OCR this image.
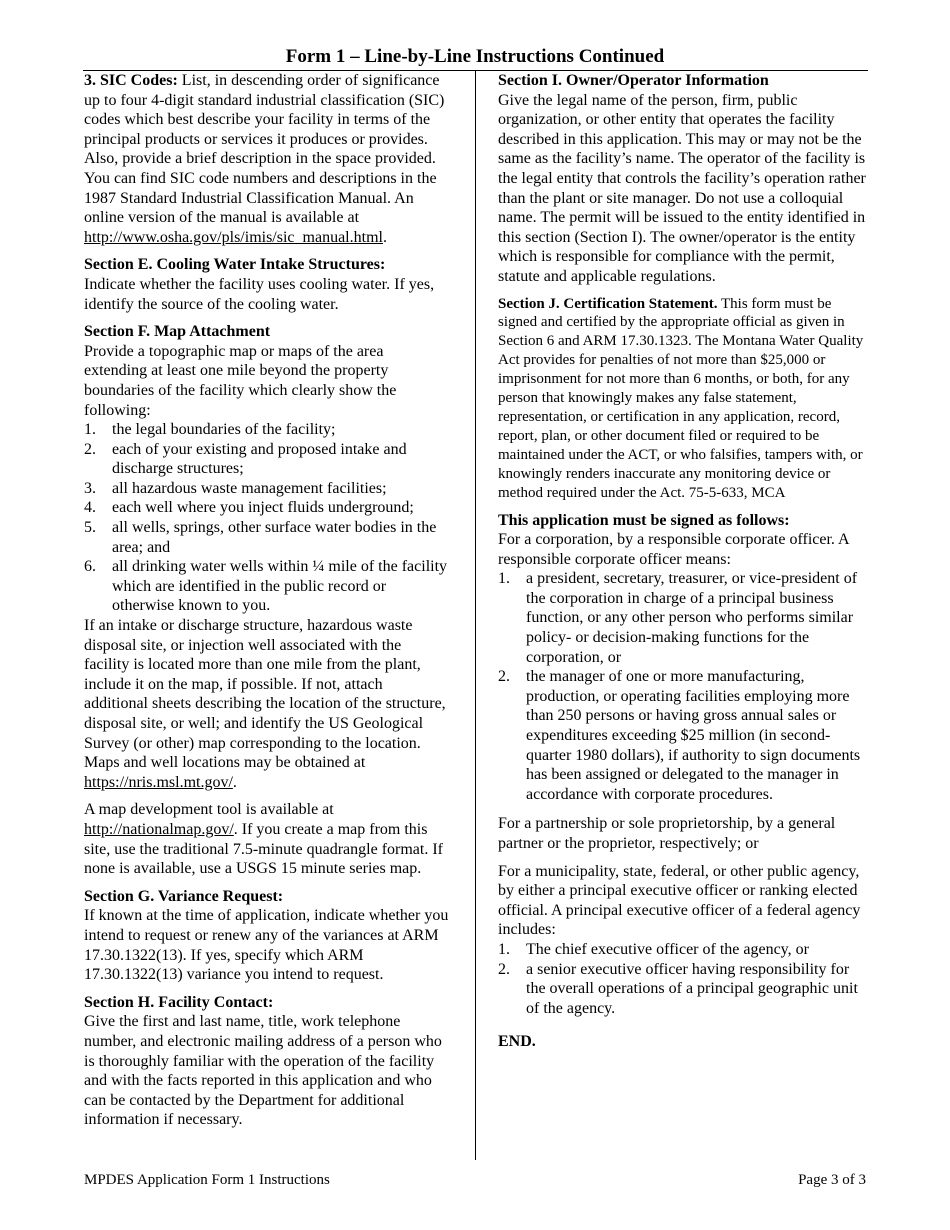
Form 1 – Line-by-Line Instructions Continued

3. SIC Codes: List, in descending order of significance up to four 4-digit standard industrial classification (SIC) codes which best describe your facility in terms of the principal products or services it produces or provides. Also, provide a brief description in the space provided. You can find SIC code numbers and descriptions in the 1987 Standard Industrial Classification Manual. An online version of the manual is available at http://www.osha.gov/pls/imis/sic_manual.html.

Section E. Cooling Water Intake Structures:
Indicate whether the facility uses cooling water. If yes, identify the source of the cooling water.

Section F. Map Attachment
Provide a topographic map or maps of the area extending at least one mile beyond the property boundaries of the facility which clearly show the following:
1. the legal boundaries of the facility;
2. each of your existing and proposed intake and discharge structures;
3. all hazardous waste management facilities;
4. each well where you inject fluids underground;
5. all wells, springs, other surface water bodies in the area; and
6. all drinking water wells within ¼ mile of the facility which are identified in the public record or otherwise known to you.

If an intake or discharge structure, hazardous waste disposal site, or injection well associated with the facility is located more than one mile from the plant, include it on the map, if possible. If not, attach additional sheets describing the location of the structure, disposal site, or well; and identify the US Geological Survey (or other) map corresponding to the location. Maps and well locations may be obtained at https://nris.msl.mt.gov/.

A map development tool is available at http://nationalmap.gov/. If you create a map from this site, use the traditional 7.5-minute quadrangle format. If none is available, use a USGS 15 minute series map.

Section G. Variance Request:
If known at the time of application, indicate whether you intend to request or renew any of the variances at ARM 17.30.1322(13). If yes, specify which ARM 17.30.1322(13) variance you intend to request.

Section H. Facility Contact:
Give the first and last name, title, work telephone number, and electronic mailing address of a person who is thoroughly familiar with the operation of the facility and with the facts reported in this application and who can be contacted by the Department for additional information if necessary.

Section I. Owner/Operator Information
Give the legal name of the person, firm, public organization, or other entity that operates the facility described in this application. This may or may not be the same as the facility’s name. The operator of the facility is the legal entity that controls the facility’s operation rather than the plant or site manager. Do not use a colloquial name. The permit will be issued to the entity identified in this section (Section I). The owner/operator is the entity which is responsible for compliance with the permit, statute and applicable regulations.

Section J. Certification Statement. This form must be signed and certified by the appropriate official as given in Section 6 and ARM 17.30.1323. The Montana Water Quality Act provides for penalties of not more than $25,000 or imprisonment for not more than 6 months, or both, for any person that knowingly makes any false statement, representation, or certification in any application, record, report, plan, or other document filed or required to be maintained under the ACT, or who falsifies, tampers with, or knowingly renders inaccurate any monitoring device or method required under the Act. 75-5-633, MCA

This application must be signed as follows:
For a corporation, by a responsible corporate officer. A responsible corporate officer means:
1. a president, secretary, treasurer, or vice-president of the corporation in charge of a principal business function, or any other person who performs similar policy- or decision-making functions for the corporation, or
2. the manager of one or more manufacturing, production, or operating facilities employing more than 250 persons or having gross annual sales or expenditures exceeding $25 million (in second-quarter 1980 dollars), if authority to sign documents has been assigned or delegated to the manager in accordance with corporate procedures.

For a partnership or sole proprietorship, by a general partner or the proprietor, respectively; or

For a municipality, state, federal, or other public agency, by either a principal executive officer or ranking elected official. A principal executive officer of a federal agency includes:
1. The chief executive officer of the agency, or
2. a senior executive officer having responsibility for the overall operations of a principal geographic unit of the agency.
END.
MPDES Application Form 1 Instructions	Page 3 of 3
